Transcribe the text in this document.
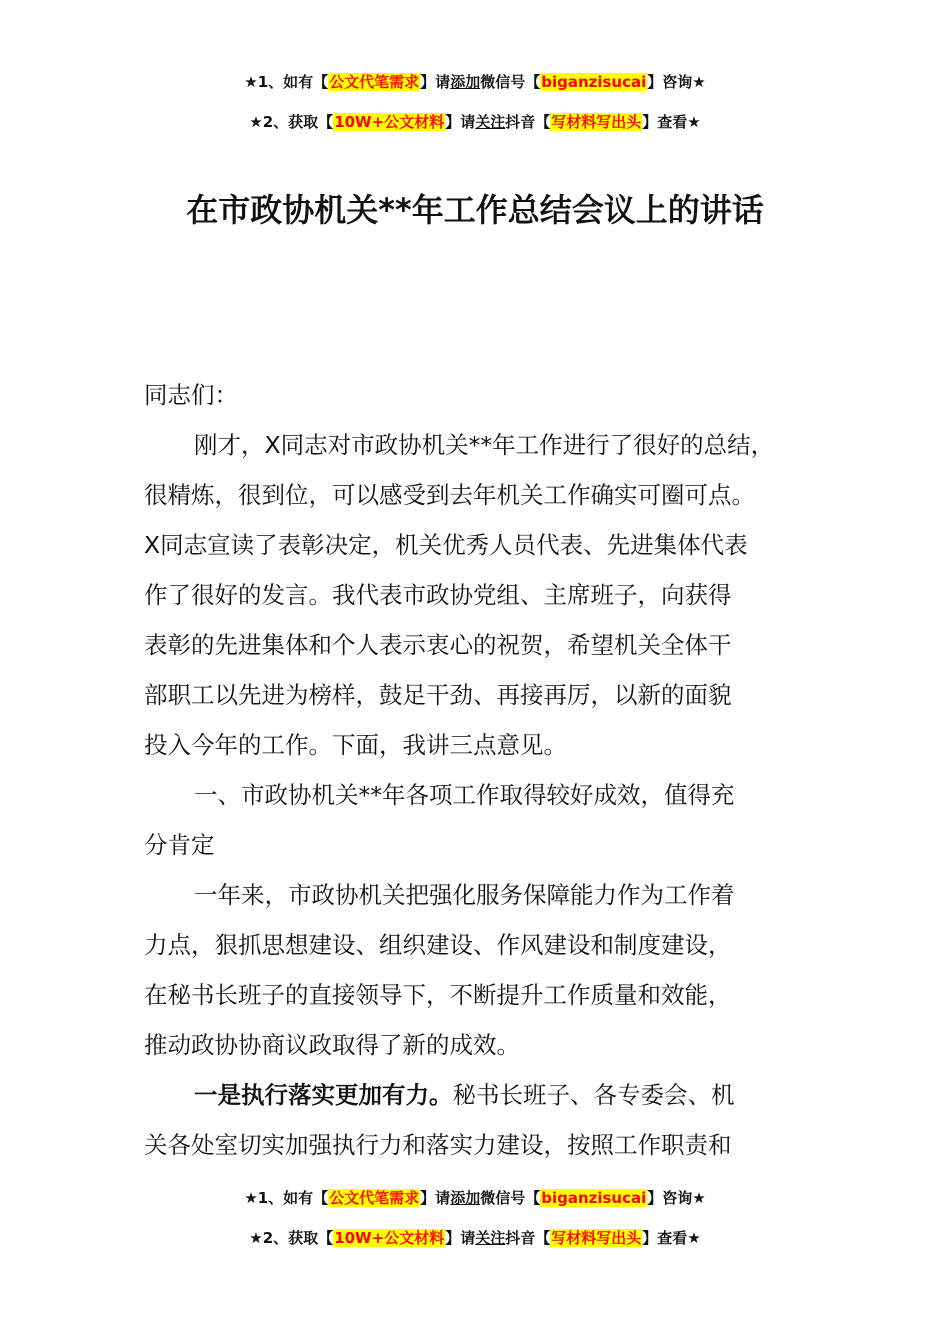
★1、如有【公文代笔需求】请添加微信号【biganzisucai】咨询★
★2、获取【10W+公文材料】请关注抖音【写材料写出头】查看★
在市政协机关**年工作总结会议上的讲话
同志们：
刚才，X同志对市政协机关**年工作进行了很好的总结，
很精炼，很到位，可以感受到去年机关工作确实可圈可点。
X同志宣读了表彰决定，机关优秀人员代表、先进集体代表
作了很好的发言。我代表市政协党组、主席班子，向获得
表彰的先进集体和个人表示衷心的祝贺，希望机关全体干
部职工以先进为榜样，鼓足干劲、再接再厉，以新的面貌
投入今年的工作。下面，我讲三点意见。
一、市政协机关**年各项工作取得较好成效，值得充
分肯定
一年来，市政协机关把强化服务保障能力作为工作着
力点，狠抓思想建设、组织建设、作风建设和制度建设，
在秘书长班子的直接领导下，不断提升工作质量和效能，
推动政协协商议政取得了新的成效。
一是执行落实更加有力。秘书长班子、各专委会、机
关各处室切实加强执行力和落实力建设，按照工作职责和
★1、如有【公文代笔需求】请添加微信号【biganzisucai】咨询★
★2、获取【10W+公文材料】请关注抖音【写材料写出头】查看★
